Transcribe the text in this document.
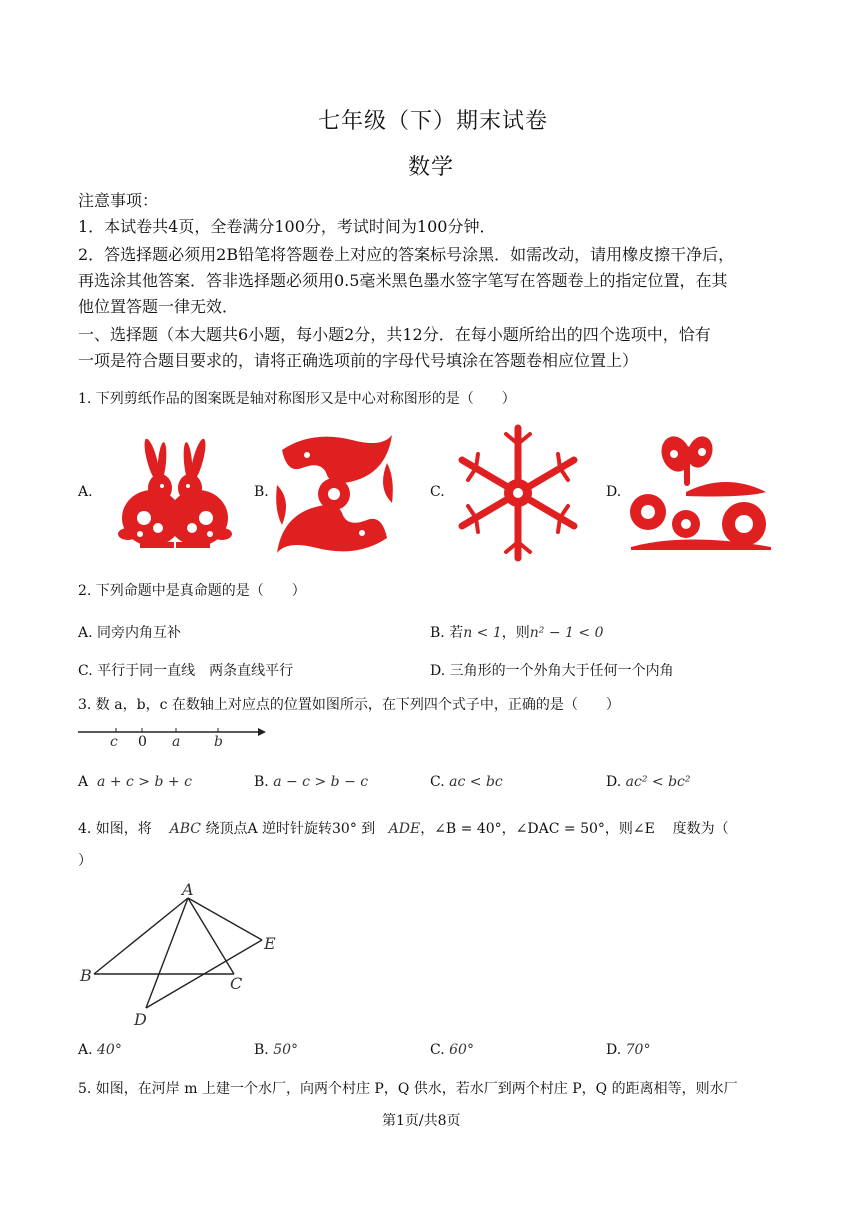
七年级（下）期末试卷
数学
注意事项：
1．本试卷共4页，全卷满分100分，考试时间为100分钟．
2．答选择题必须用2B铅笔将答题卷上对应的答案标号涂黑．如需改动，请用橡皮擦干净后，
再选涂其他答案．答非选择题必须用0.5毫米黑色墨水签字笔写在答题卷上的指定位置，在其
他位置答题一律无效．
一、选择题（本大题共6小题，每小题2分，共12分．在每小题所给出的四个选项中，恰有
一项是符合题目要求的，请将正确选项前的字母代号填涂在答题卷相应位置上）
1. 下列剪纸作品的图案既是轴对称图形又是中心对称图形的是（　　）
A.	B.	C.	D.
2. 下列命题中是真命题的是（　　）
A. 同旁内角互补	B. 若n < 1，则n² − 1 < 0
C. 平行于同一直线　两条直线平行	D. 三角形的一个外角大于任何一个内角
3. 数 a，b，c 在数轴上对应点的位置如图所示，在下列四个式子中，正确的是（　　）
c 0 a b
A a + c > b + c	B. a − c > b − c	C. ac < bc	D. ac² < bc²
4. 如图，将 ABC 绕顶点A 逆时针旋转30° 到 ADE，∠B = 40°，∠DAC = 50°，则∠E 度数为（
）
A
B	C
D
E
A. 40°	B. 50°	C. 60°	D. 70°
5. 如图，在河岸 m 上建一个水厂，向两个村庄 P，Q 供水，若水厂到两个村庄 P，Q 的距离相等，则水厂
第1页/共8页
